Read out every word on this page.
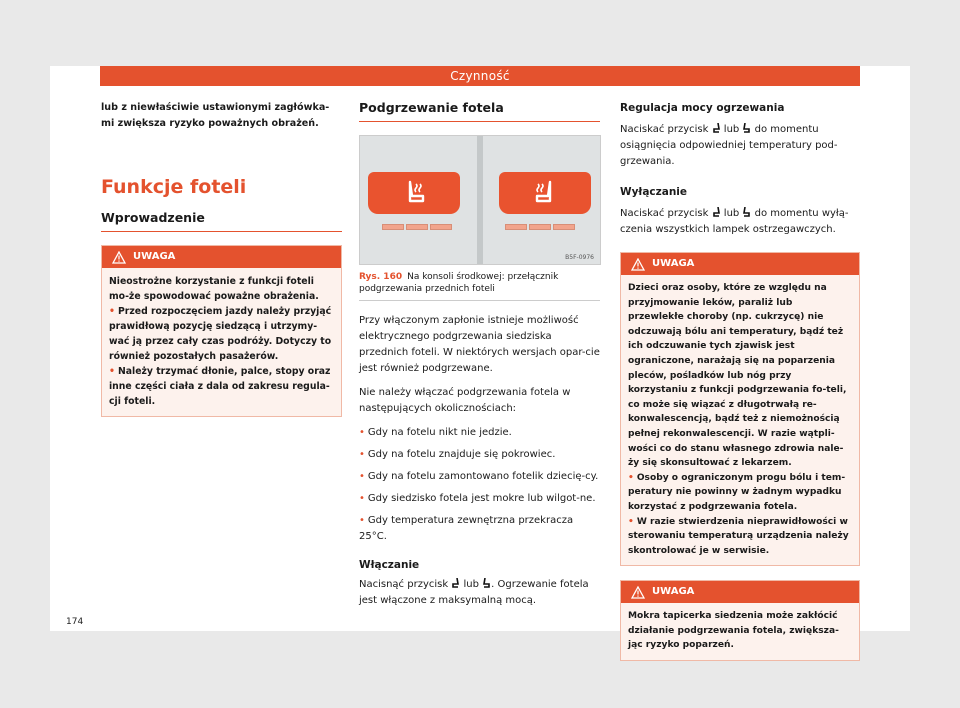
Czynność

lub z niewłaściwie ustawionymi zagłówka-mi zwiększa ryzyko poważnych obrażeń.

Funkcje foteli
Wprowadzenie
UWAGA

Nieostrożne korzystanie z funkcji foteli mo-że spowodować poważne obrażenia.

• Przed rozpoczęciem jazdy należy przyjąć prawidłową pozycję siedzącą i utrzymy-wać ją przez cały czas podróży. Dotyczy to również pozostałych pasażerów.

• Należy trzymać dłonie, palce, stopy oraz inne części ciała z dala od zakresu regula-cji foteli.

Podgrzewanie fotela
B5F-0976

Rys. 160 Na konsoli środkowej: przełącznik podgrzewania przednich foteli

Przy włączonym zapłonie istnieje możliwość elektrycznego podgrzewania siedziska przednich foteli. W niektórych wersjach opar-cie jest również podgrzewane.

Nie należy włączać podgrzewania fotela w następujących okolicznościach:

• Gdy na fotelu nikt nie jedzie.

• Gdy na fotelu znajduje się pokrowiec.

• Gdy na fotelu zamontowano fotelik dziecię-cy.

• Gdy siedzisko fotela jest mokre lub wilgot-ne.

• Gdy temperatura zewnętrzna przekracza 25°C.

Włączanie

Nacisnąć przycisk lub . Ogrzewanie fotela jest włączone z maksymalną mocą.

Regulacja mocy ogrzewania

Naciskać przycisk lub do momentu osiągnięcia odpowiedniej temperatury pod-grzewania.

Wyłączanie

Naciskać przycisk lub do momentu wyłą-czenia wszystkich lampek ostrzegawczych.

UWAGA

Dzieci oraz osoby, które ze względu na przyjmowanie leków, paraliż lub przewlekłe choroby (np. cukrzycę) nie odczuwają bólu ani temperatury, bądź też ich odczuwanie tych zjawisk jest ograniczone, narażają się na poparzenia pleców, pośladków lub nóg przy korzystaniu z funkcji podgrzewania fo-teli, co może się wiązać z długotrwałą re-konwalescencją, bądź też z niemożnością pełnej rekonwalescencji. W razie wątpli-wości co do stanu własnego zdrowia nale-ży się skonsultować z lekarzem.

• Osoby o ograniczonym progu bólu i tem-peratury nie powinny w żadnym wypadku korzystać z podgrzewania fotela.

• W razie stwierdzenia nieprawidłowości w sterowaniu temperaturą urządzenia należy skontrolować je w serwisie.

UWAGA

Mokra tapicerka siedzenia może zakłócić działanie podgrzewania fotela, zwiększa-jąc ryzyko poparzeń.

174
